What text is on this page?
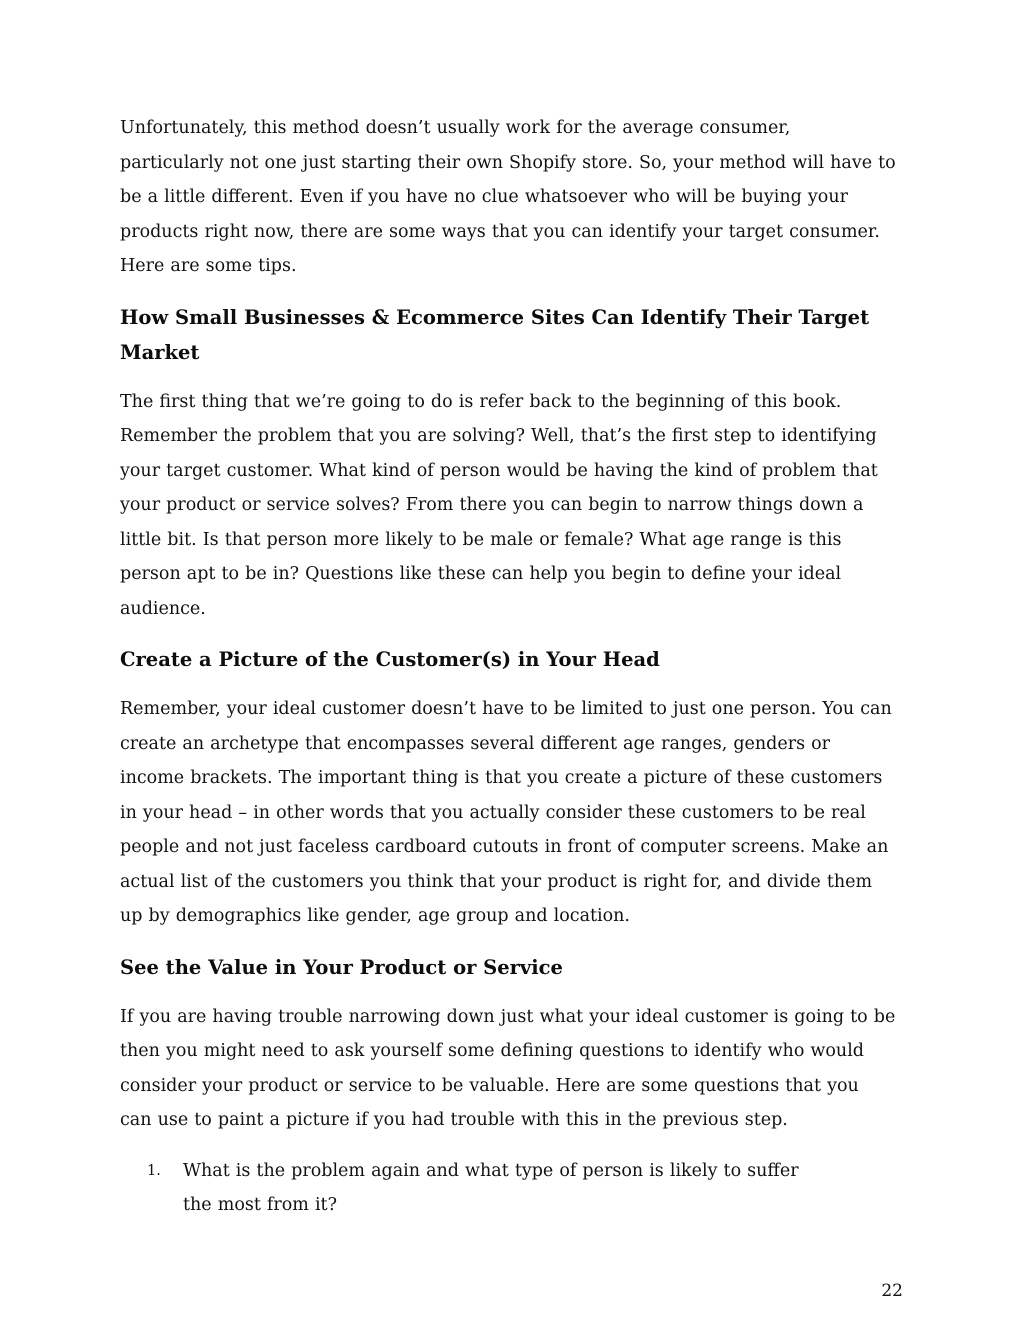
Unfortunately, this method doesn’t usually work for the average consumer, particularly not one just starting their own Shopify store. So, your method will have to be a little different. Even if you have no clue whatsoever who will be buying your products right now, there are some ways that you can identify your target consumer. Here are some tips.

How Small Businesses & Ecommerce Sites Can Identify Their Target Market

The first thing that we’re going to do is refer back to the beginning of this book. Remember the problem that you are solving? Well, that’s the first step to identifying your target customer. What kind of person would be having the kind of problem that your product or service solves? From there you can begin to narrow things down a little bit. Is that person more likely to be male or female? What age range is this person apt to be in? Questions like these can help you begin to define your ideal audience.

Create a Picture of the Customer(s) in Your Head

Remember, your ideal customer doesn’t have to be limited to just one person. You can create an archetype that encompasses several different age ranges, genders or income brackets. The important thing is that you create a picture of these customers in your head – in other words that you actually consider these customers to be real people and not just faceless cardboard cutouts in front of computer screens. Make an actual list of the customers you think that your product is right for, and divide them up by demographics like gender, age group and location.

See the Value in Your Product or Service

If you are having trouble narrowing down just what your ideal customer is going to be then you might need to ask yourself some defining questions to identify who would consider your product or service to be valuable. Here are some questions that you can use to paint a picture if you had trouble with this in the previous step.

1.	What is the problem again and what type of person is likely to suffer the most from it?
22
